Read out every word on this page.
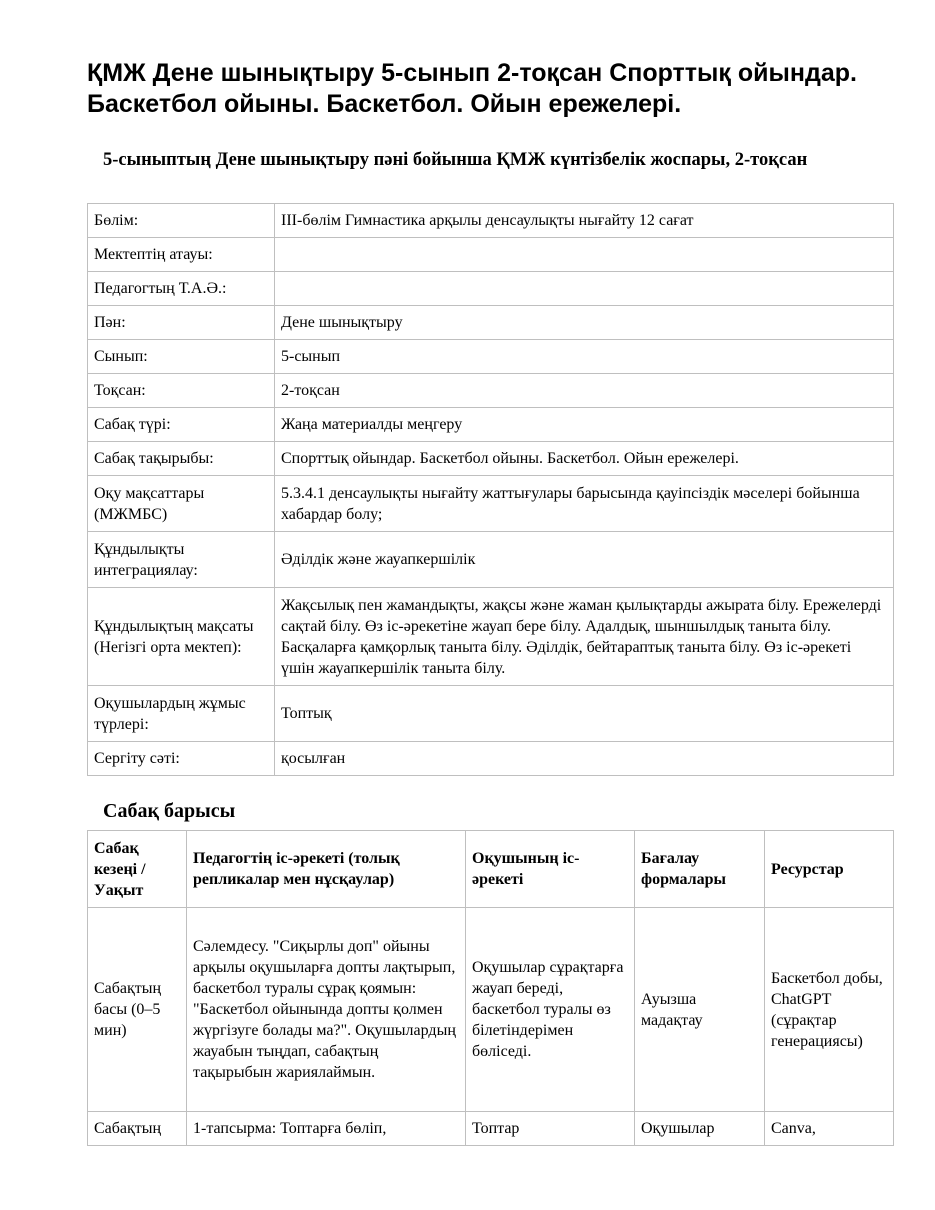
ҚМЖ Дене шынықтыру 5-сынып 2-тоқсан Спорттық ойындар. Баскетбол ойыны. Баскетбол. Ойын ережелері.
5-сыныптың Дене шынықтыру пәні бойынша ҚМЖ күнтізбелік жоспары, 2-тоқсан
Бөлім:	III-бөлім Гимнастика арқылы денсаулықты нығайту 12 сағат
Мектептің атауы:	
Педагогтың Т.А.Ә.:	
Пән:	Дене шынықтыру
Сынып:	5-сынып
Тоқсан:	2-тоқсан
Сабақ түрі:	Жаңа материалды меңгеру
Сабақ тақырыбы:	Спорттық ойындар. Баскетбол ойыны. Баскетбол. Ойын ережелері.
Оқу мақсаттары (МЖМБС)	5.3.4.1 денсаулықты нығайту жаттығулары барысында қауіпсіздік мәселері бойынша хабардар болу;
Құндылықты интеграциялау:	Әділдік және жауапкершілік
Құндылықтың мақсаты (Негізгі орта мектеп):	Жақсылық пен жамандықты, жақсы және жаман қылықтарды ажырата білу. Ережелерді сақтай білу. Өз іс-әрекетіне жауап бере білу. Адалдық, шыншылдық таныта білу. Басқаларға қамқорлық таныта білу. Әділдік, бейтараптық таныта білу. Өз іс-әрекеті үшін жауапкершілік таныта білу.
Оқушылардың жұмыс түрлері:	Топтық
Сергіту сәті:	қосылған
Сабақ барысы
Сабақ кезеңі / Уақыт	Педагогтің іс-әрекеті (толық репликалар мен нұсқаулар)	Оқушының іс-әрекеті	Бағалау формалары	Ресурстар
Сабақтың басы (0–5 мин)	Сәлемдесу. "Сиқырлы доп" ойыны арқылы оқушыларға допты лақтырып, баскетбол туралы сұрақ қоямын: "Баскетбол ойынында допты қолмен жүргізуге болады ма?". Оқушылардың жауабын тыңдап, сабақтың тақырыбын жариялаймын.	Оқушылар сұрақтарға жауап береді, баскетбол туралы өз білетіндерімен бөліседі.	Ауызша мадақтау	Баскетбол добы, ChatGPT (сұрақтар генерациясы)
Сабақтың	1-тапсырма: Топтарға бөліп,	Топтар	Оқушылар	Canva,
